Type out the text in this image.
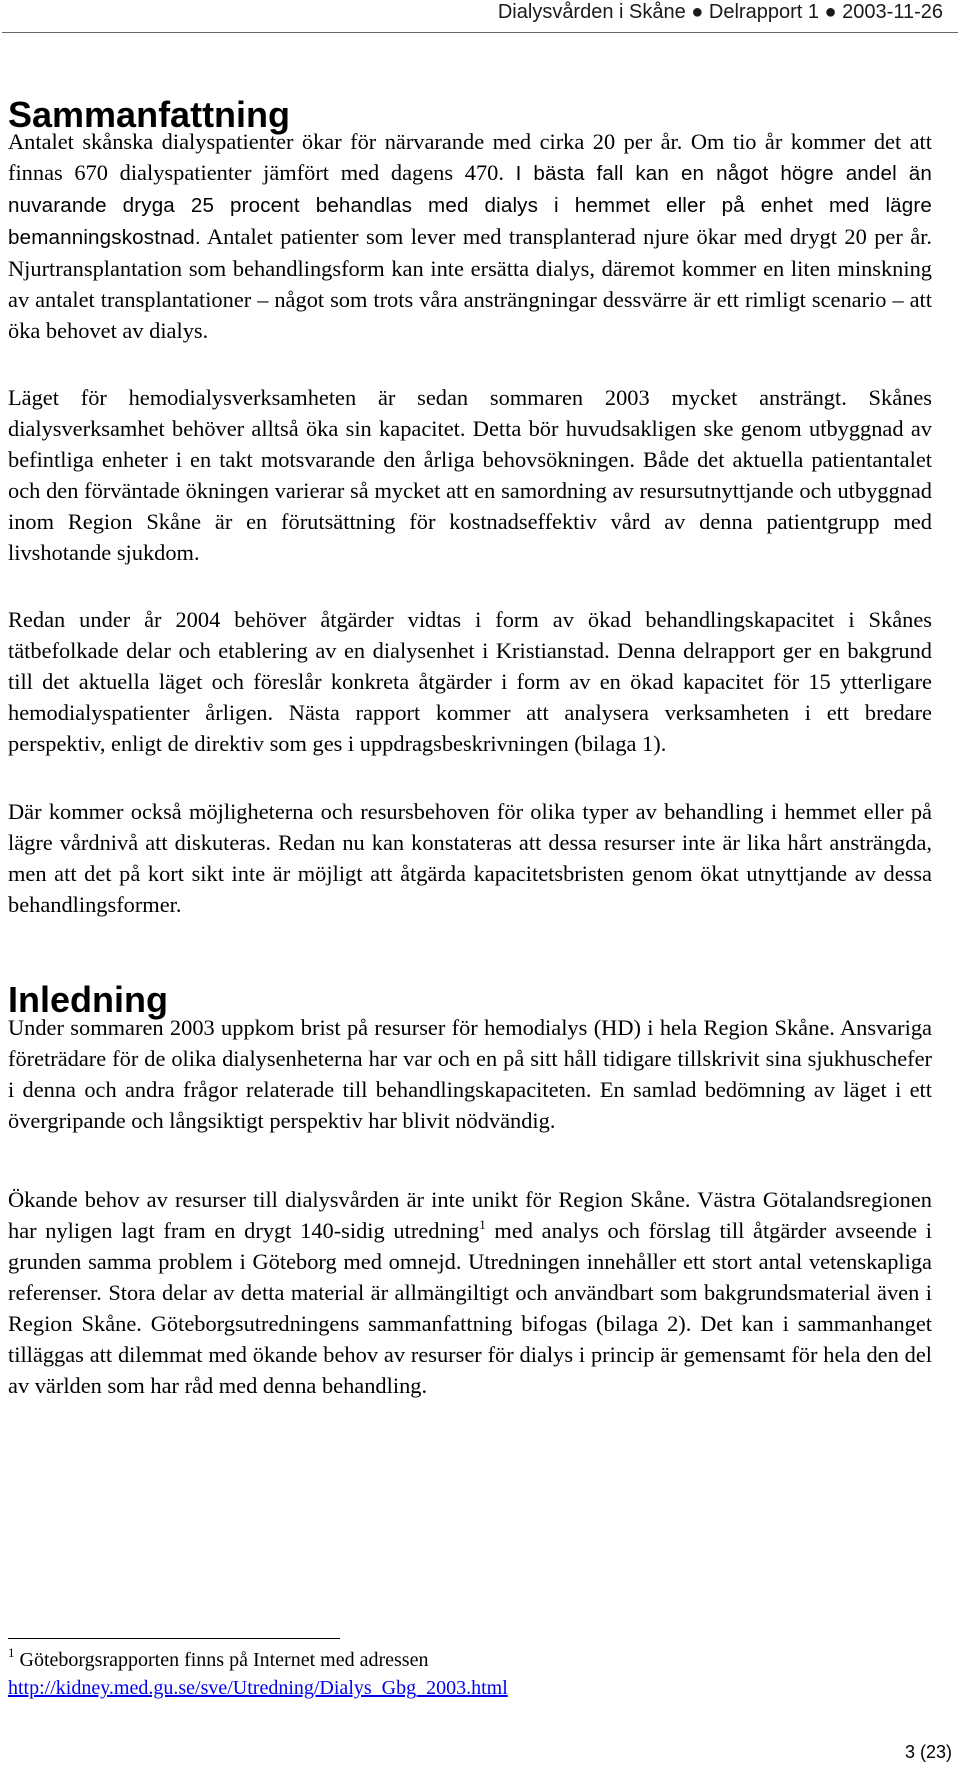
Dialysvården i Skåne ● Delrapport 1 ● 2003-11-26
Sammanfattning

Antalet skånska dialyspatienter ökar för närvarande med cirka 20 per år. Om tio år kommer det att finnas 670 dialyspatienter jämfört med dagens 470. I bästa fall kan en något högre andel än nuvarande dryga 25 procent behandlas med dialys i hemmet eller på enhet med lägre bemanningskostnad. Antalet patienter som lever med transplanterad njure ökar med drygt 20 per år. Njurtransplantation som behandlingsform kan inte ersätta dialys, däremot kommer en liten minskning av antalet transplantationer – något som trots våra ansträngningar dessvärre är ett rimligt scenario – att öka behovet av dialys.

Läget för hemodialysverksamheten är sedan sommaren 2003 mycket ansträngt. Skånes dialysverksamhet behöver alltså öka sin kapacitet. Detta bör huvudsakligen ske genom utbyggnad av befintliga enheter i en takt motsvarande den årliga behovsökningen. Både det aktuella patientantalet och den förväntade ökningen varierar så mycket att en samordning av resursutnyttjande och utbyggnad inom Region Skåne är en förutsättning för kostnadseffektiv vård av denna patientgrupp med livshotande sjukdom.

Redan under år 2004 behöver åtgärder vidtas i form av ökad behandlingskapacitet i Skånes tätbefolkade delar och etablering av en dialysenhet i Kristianstad. Denna delrapport ger en bakgrund till det aktuella läget och föreslår konkreta åtgärder i form av en ökad kapacitet för 15 ytterligare hemodialyspatienter årligen. Nästa rapport kommer att analysera verksamheten i ett bredare perspektiv, enligt de direktiv som ges i uppdragsbeskrivningen (bilaga 1).

Där kommer också möjligheterna och resursbehoven för olika typer av behandling i hemmet eller på lägre vårdnivå att diskuteras. Redan nu kan konstateras att dessa resurser inte är lika hårt ansträngda, men att det på kort sikt inte är möjligt att åtgärda kapacitetsbristen genom ökat utnyttjande av dessa behandlingsformer.

Inledning

Under sommaren 2003 uppkom brist på resurser för hemodialys (HD) i hela Region Skåne. Ansvariga företrädare för de olika dialysenheterna har var och en på sitt håll tidigare tillskrivit sina sjukhuschefer i denna och andra frågor relaterade till behandlingskapaciteten. En samlad bedömning av läget i ett övergripande och långsiktigt perspektiv har blivit nödvändig.

Ökande behov av resurser till dialysvården är inte unikt för Region Skåne. Västra Götalandsregionen har nyligen lagt fram en drygt 140-sidig utredning$^1$ med analys och förslag till åtgärder avseende i grunden samma problem i Göteborg med omnejd. Utredningen innehåller ett stort antal vetenskapliga referenser. Stora delar av detta material är allmängiltigt och användbart som bakgrundsmaterial även i Region Skåne. Göteborgsutredningens sammanfattning bifogas (bilaga 2). Det kan i sammanhanget tilläggas att dilemmat med ökande behov av resurser för dialys i princip är gemensamt för hela den del av världen som har råd med denna behandling.

$^1$ Göteborgsrapporten finns på Internet med adressen
http://kidney.med.gu.se/sve/Utredning/Dialys_Gbg_2003.html
3 (23)
